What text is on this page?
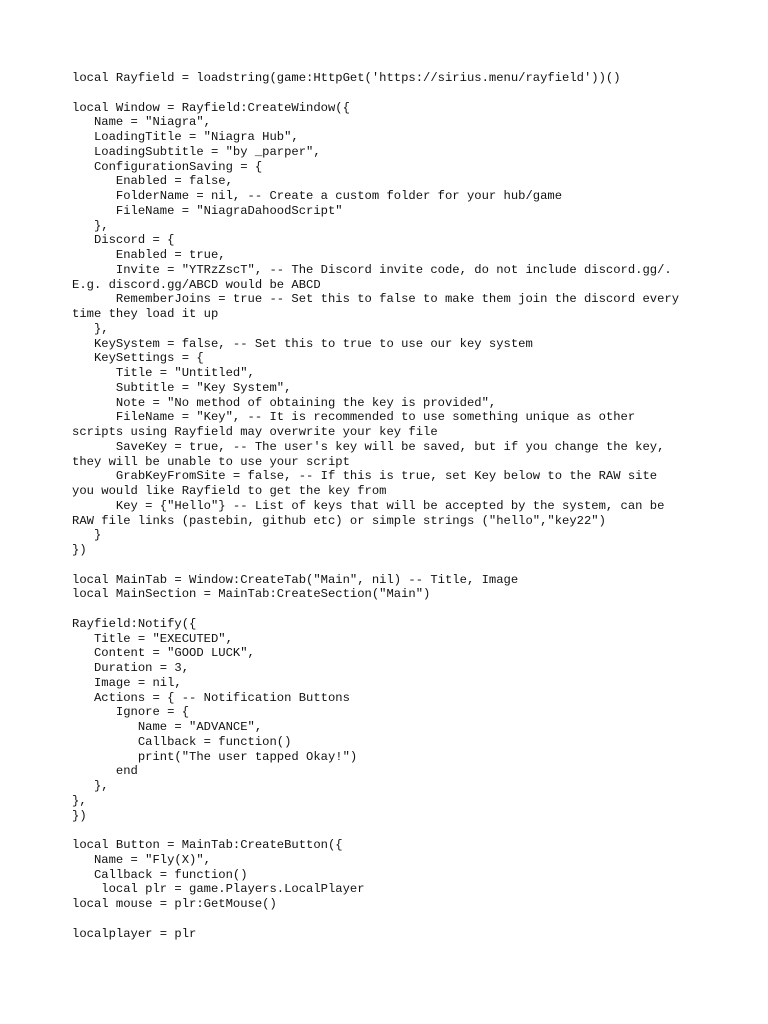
local Rayfield = loadstring(game:HttpGet('https://sirius.menu/rayfield'))()
local Window = Rayfield:CreateWindow({
Name = "Niagra",
LoadingTitle = "Niagra Hub",
LoadingSubtitle = "by _parper",
ConfigurationSaving = {
Enabled = false,
FolderName = nil, -- Create a custom folder for your hub/game
FileName = "NiagraDahoodScript"
},
Discord = {
Enabled = true,
Invite = "YTRzZscT", -- The Discord invite code, do not include discord.gg/.
E.g. discord.gg/ABCD would be ABCD
RememberJoins = true -- Set this to false to make them join the discord every
time they load it up
},
KeySystem = false, -- Set this to true to use our key system
KeySettings = {
Title = "Untitled",
Subtitle = "Key System",
Note = "No method of obtaining the key is provided",
FileName = "Key", -- It is recommended to use something unique as other
scripts using Rayfield may overwrite your key file
SaveKey = true, -- The user's key will be saved, but if you change the key,
they will be unable to use your script
GrabKeyFromSite = false, -- If this is true, set Key below to the RAW site
you would like Rayfield to get the key from
Key = {"Hello"} -- List of keys that will be accepted by the system, can be
RAW file links (pastebin, github etc) or simple strings ("hello","key22")
}
})
local MainTab = Window:CreateTab("Main", nil) -- Title, Image
local MainSection = MainTab:CreateSection("Main")
Rayfield:Notify({
Title = "EXECUTED",
Content = "GOOD LUCK",
Duration = 3,
Image = nil,
Actions = { -- Notification Buttons
Ignore = {
Name = "ADVANCE",
Callback = function()
print("The user tapped Okay!")
end
},
},
})
local Button = MainTab:CreateButton({
Name = "Fly(X)",
Callback = function()
local plr = game.Players.LocalPlayer
local mouse = plr:GetMouse()
localplayer = plr
